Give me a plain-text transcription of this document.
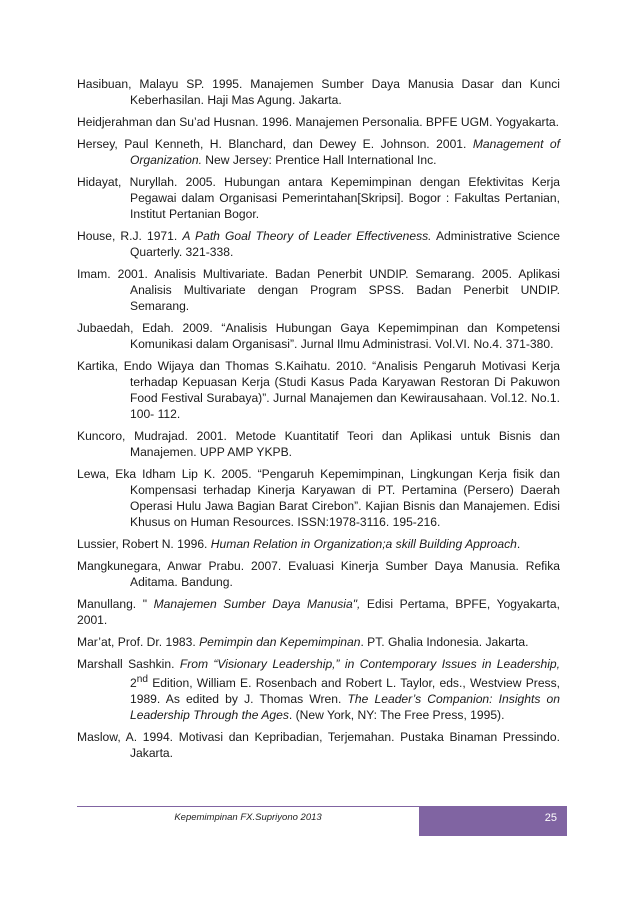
Hasibuan, Malayu SP. 1995. Manajemen Sumber Daya Manusia Dasar dan Kunci Keberhasilan. Haji Mas Agung. Jakarta.

Heidjerahman dan Su’ad Husnan. 1996. Manajemen Personalia. BPFE UGM. Yogyakarta.

Hersey, Paul Kenneth, H. Blanchard, dan Dewey E. Johnson. 2001. Management of Organization. New Jersey: Prentice Hall International Inc.

Hidayat, Nuryllah. 2005. Hubungan antara Kepemimpinan dengan Efektivitas Kerja Pegawai dalam Organisasi Pemerintahan[Skripsi]. Bogor : Fakultas Pertanian, Institut Pertanian Bogor.

House, R.J. 1971. A Path Goal Theory of Leader Effectiveness. Administrative Science Quarterly. 321-338.

Imam. 2001. Analisis Multivariate. Badan Penerbit UNDIP. Semarang. 2005. Aplikasi Analisis Multivariate dengan Program SPSS. Badan Penerbit UNDIP. Semarang.

Jubaedah, Edah. 2009. “Analisis Hubungan Gaya Kepemimpinan dan Kompetensi Komunikasi dalam Organisasi”. Jurnal Ilmu Administrasi. Vol.VI. No.4. 371-380.

Kartika, Endo Wijaya dan Thomas S.Kaihatu. 2010. “Analisis Pengaruh Motivasi Kerja terhadap Kepuasan Kerja (Studi Kasus Pada Karyawan Restoran Di Pakuwon Food Festival Surabaya)”. Jurnal Manajemen dan Kewirausahaan. Vol.12. No.1. 100- 112.

Kuncoro, Mudrajad. 2001. Metode Kuantitatif Teori dan Aplikasi untuk Bisnis dan Manajemen. UPP AMP YKPB.

Lewa, Eka Idham Lip K. 2005. “Pengaruh Kepemimpinan, Lingkungan Kerja fisik dan Kompensasi terhadap Kinerja Karyawan di PT. Pertamina (Persero) Daerah Operasi Hulu Jawa Bagian Barat Cirebon”. Kajian Bisnis dan Manajemen. Edisi Khusus on Human Resources. ISSN:1978-3116. 195-216.

Lussier, Robert N. 1996. Human Relation in Organization;a skill Building Approach.

Mangkunegara, Anwar Prabu. 2007. Evaluasi Kinerja Sumber Daya Manusia. Refika Aditama. Bandung.

Manullang. " Manajemen Sumber Daya Manusia", Edisi Pertama, BPFE, Yogyakarta, 2001.

Mar’at, Prof. Dr. 1983. Pemimpin dan Kepemimpinan. PT. Ghalia Indonesia. Jakarta.

Marshall Sashkin. From “Visionary Leadership,” in Contemporary Issues in Leadership, 2nd Edition, William E. Rosenbach and Robert L. Taylor, eds., Westview Press, 1989. As edited by J. Thomas Wren. The Leader’s Companion: Insights on Leadership Through the Ages. (New York, NY: The Free Press, 1995).

Maslow, A. 1994. Motivasi dan Kepribadian, Terjemahan. Pustaka Binaman Pressindo. Jakarta.

Kepemimpinan FX.Supriyono 2013	25
